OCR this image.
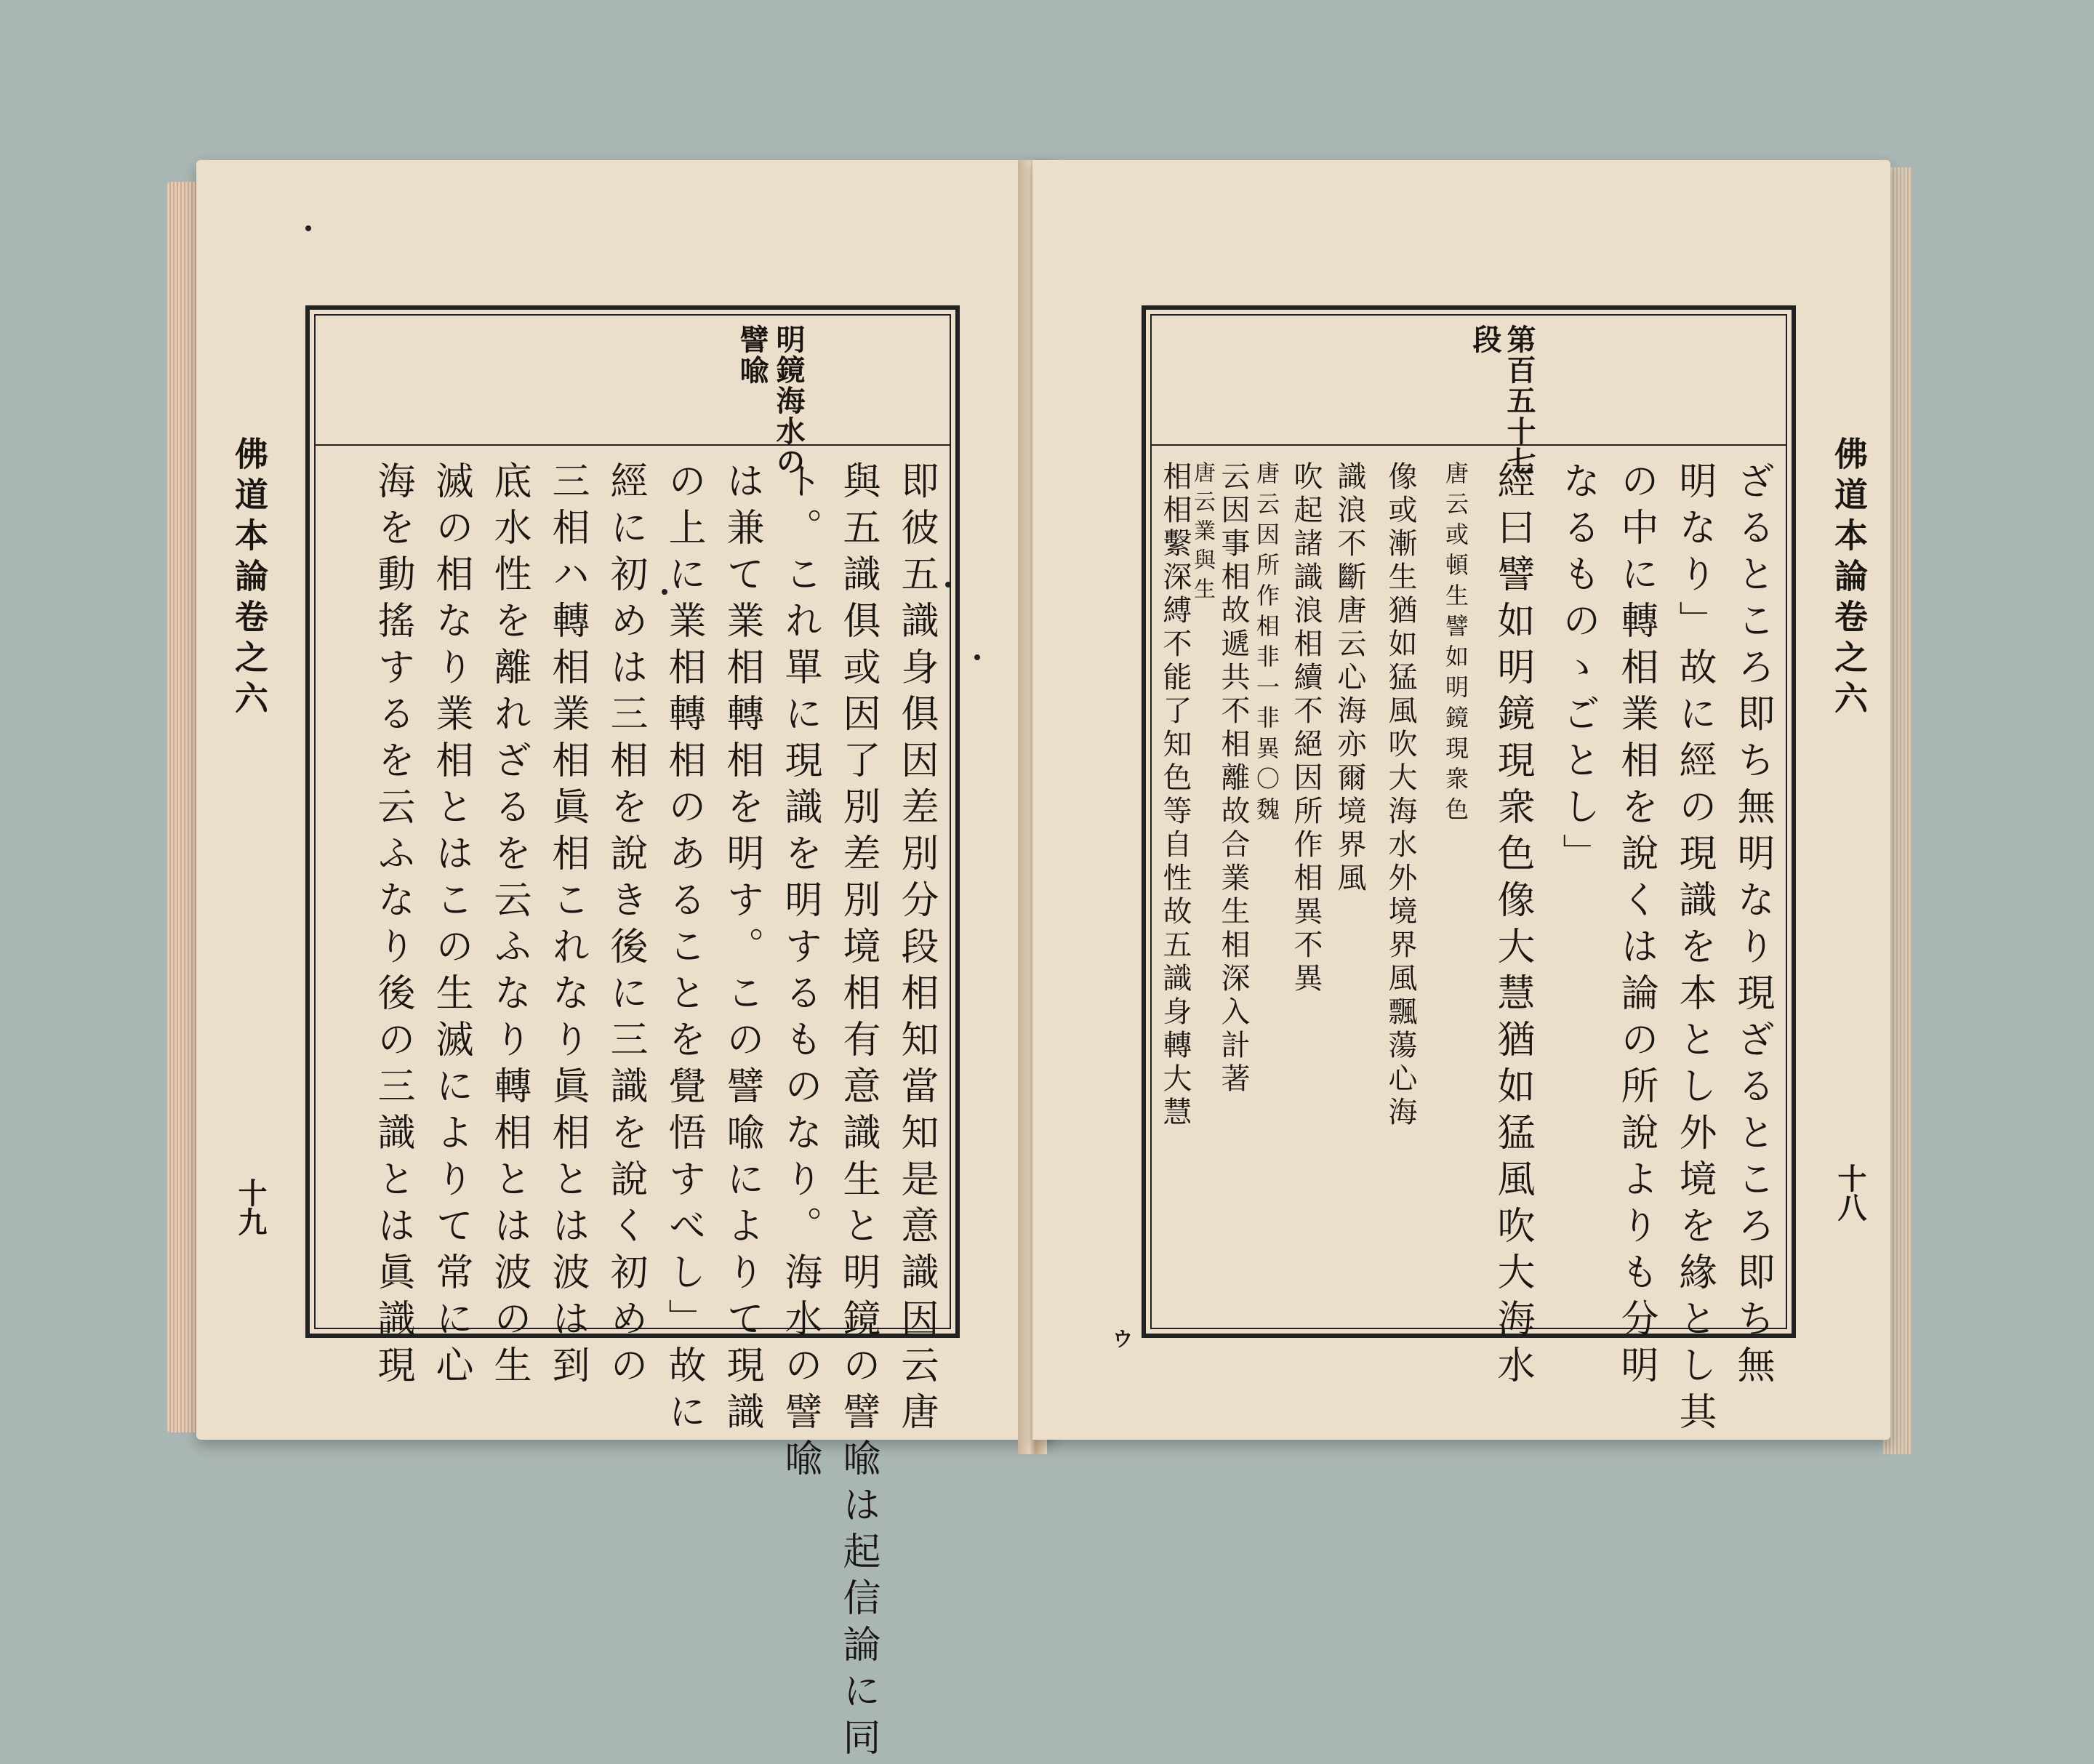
佛道本論卷之六
十九
明鏡海水の
譬喩
即彼五識身俱因差別分段相知當知是意識因云唐
與五識俱或因了別差別境相有意識生と明鏡の譬喩は起信論に同
ト。これ單に現識を明するものなり。海水の譬喩
は兼て業相轉相を明す。この譬喩によりて現識
の上に業相轉相のあることを覺悟すべし」故に
經に初めは三相を說き後に三識を說く初めの
三相ハ轉相業相眞相これなり眞相とは波は到
底水性を離れざるを云ふなり轉相とは波の生
滅の相なり業相とはこの生滅によりて常に心
海を動搖するを云ふなり後の三識とは眞識現	佛道本論卷之六
十八
ウ
第百五十七
段
ざるところ即ち無明なり現ざるところ即ち無
明なり」故に經の現識を本とし外境を緣とし其
の中に轉相業相を說くは論の所說よりも分明
なるものゝごとし」
經曰譬如明鏡現衆色像大慧猶如猛風吹大海水
唐云或頓生譬如明鏡現衆色
像或漸生猶如猛風吹大海水外境界風飄蕩心海
識浪不斷唐云心海亦爾境界風
吹起諸識浪相續不絕因所作相異不異
唐云因所作相非一非異〇魏
云因事相故遞共不相離故合業生相深入計著
唐云業與生
相相繫深縛不能了知色等自性故五識身轉大慧
